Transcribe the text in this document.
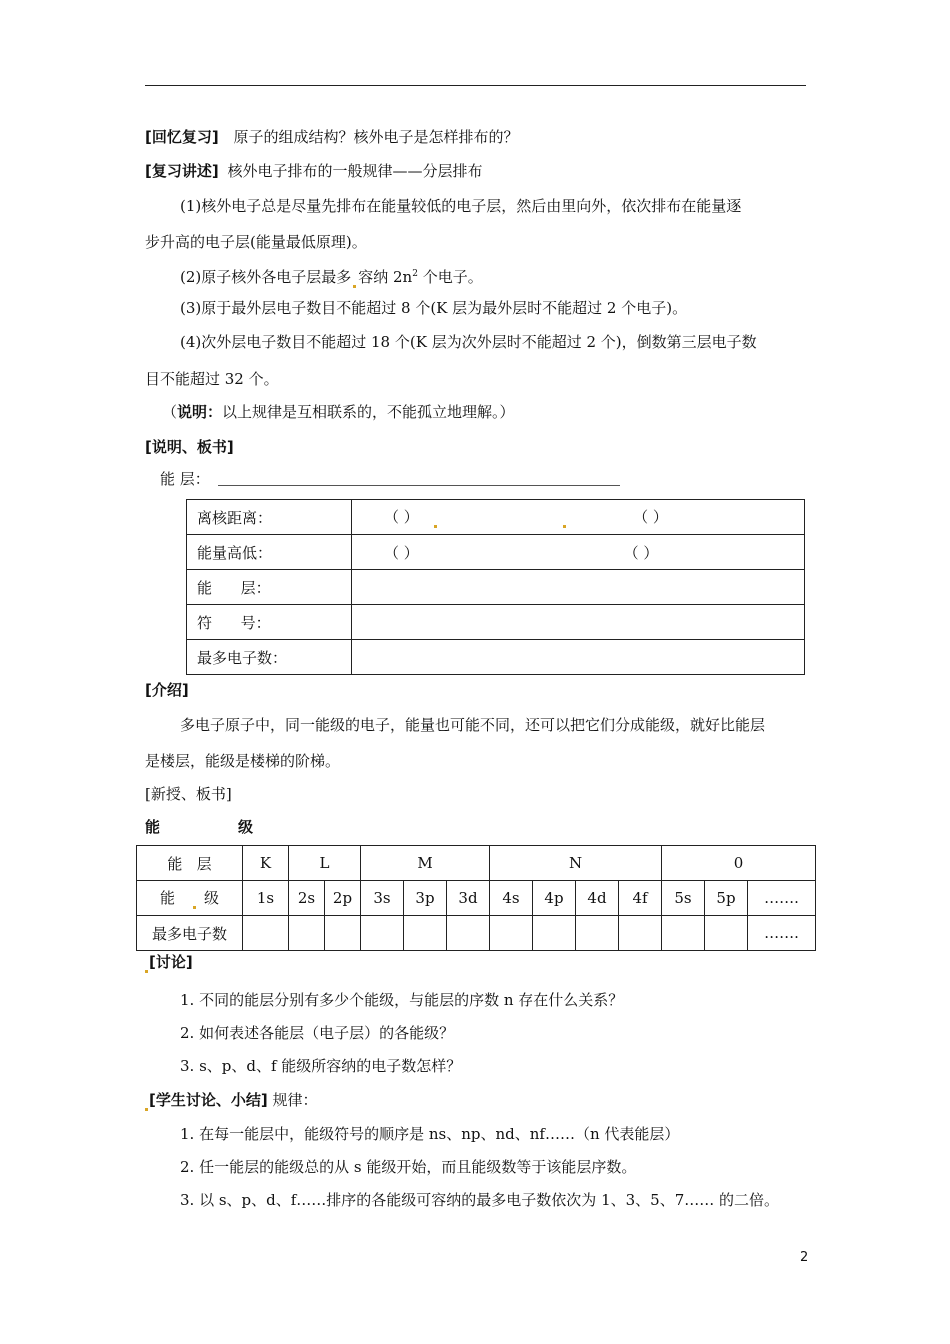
[回忆复习] 原子的组成结构？核外电子是怎样排布的？
[复习讲述] 核外电子排布的一般规律——分层排布
(1)核外电子总是尽量先排布在能量较低的电子层，然后由里向外，依次排布在能量逐
步升高的电子层(能量最低原理)。
(2)原子核外各电子层最多 容纳 $2n^2$ 个电子。
(3)原于最外层电子数目不能超过 8 个(K 层为最外层时不能超过 2 个电子)。
(4)次外层电子数目不能超过 18 个(K 层为次外层时不能超过 2 个)，倒数第三层电子数
目不能超过 32 个。
（说明：以上规律是互相联系的，不能孤立地理解。）
[说明、板书]
能 层：
离核距离：	（ ） （ ）
能量高低：	（ ） （ ）
能      层：	
符      号：	
最多电子数：	
[介绍]
多电子原子中，同一能级的电子，能量也可能不同，还可以把它们分成能级，就好比能层
是楼层，能级是楼梯的阶梯。
[新授、板书]
能	级
能   层	K	L		M			N				0		
能 级	1s	2s	2p	3s	3p	3d	4s	4p	4d	4f	5s	5p	…….
最多电子数													…….
[讨论]
1. 不同的能层分别有多少个能级，与能层的序数 n 存在什么关系？
2. 如何表述各能层（电子层）的各能级？
3. s、p、d、f 能级所容纳的电子数怎样？
[学生讨论、小结] 规律：
1. 在每一能层中，能级符号的顺序是 ns、np、nd、nf……（n 代表能层）
2. 任一能层的能级总的从 s 能级开始，而且能级数等于该能层序数。
3. 以 s、p、d、f……排序的各能级可容纳的最多电子数依次为 1、3、5、7…… 的二倍。
2
